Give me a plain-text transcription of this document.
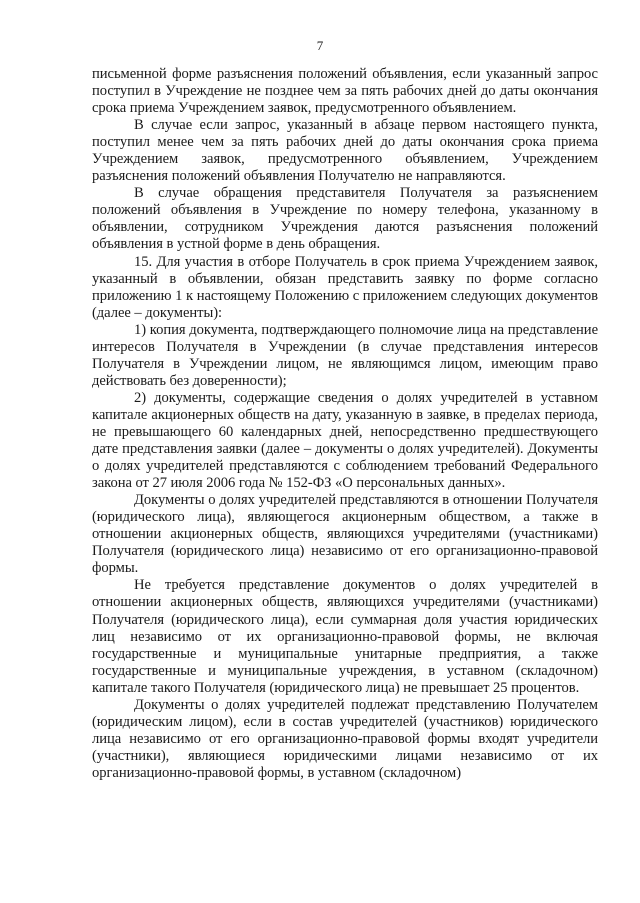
7

письменной форме разъяснения положений объявления, если указанный запрос поступил в Учреждение не позднее чем за пять рабочих дней до даты окончания срока приема Учреждением заявок, предусмотренного объявлением.

В случае если запрос, указанный в абзаце первом настоящего пункта, поступил менее чем за пять рабочих дней до даты окончания срока приема Учреждением заявок, предусмотренного объявлением, Учреждением разъяснения положений объявления Получателю не направляются.

В случае обращения представителя Получателя за разъяснением положений объявления в Учреждение по номеру телефона, указанному в объявлении, сотрудником Учреждения даются разъяснения положений объявления в устной форме в день обращения.

15. Для участия в отборе Получатель в срок приема Учреждением заявок, указанный в объявлении, обязан представить заявку по форме согласно приложению 1 к настоящему Положению с приложением следующих документов (далее – документы):

1) копия документа, подтверждающего полномочие лица на представление интересов Получателя в Учреждении (в случае представления интересов Получателя в Учреждении лицом, не являющимся лицом, имеющим право действовать без доверенности);

2) документы, содержащие сведения о долях учредителей в уставном капитале акционерных обществ на дату, указанную в заявке, в пределах периода, не превышающего 60 календарных дней, непосредственно предшествующего дате представления заявки (далее – документы о долях учредителей). Документы о долях учредителей представляются с соблюдением требований Федерального закона от 27 июля 2006 года № 152-ФЗ «О персональных данных».

Документы о долях учредителей представляются в отношении Получателя (юридического лица), являющегося акционерным обществом, а также в отношении акционерных обществ, являющихся учредителями (участниками) Получателя (юридического лица) независимо от его организационно-правовой формы.

Не требуется представление документов о долях учредителей в отношении акционерных обществ, являющихся учредителями (участниками) Получателя (юридического лица), если суммарная доля участия юридических лиц независимо от их организационно-правовой формы, не включая государственные и муниципальные унитарные предприятия, а также государственные и муниципальные учреждения, в уставном (складочном) капитале такого Получателя (юридического лица) не превышает 25 процентов.

Документы о долях учредителей подлежат представлению Получателем (юридическим лицом), если в состав учредителей (участников) юридического лица независимо от его организационно-правовой формы входят учредители (участники), являющиеся юридическими лицами независимо от их организационно-правовой формы, в уставном (складочном)
